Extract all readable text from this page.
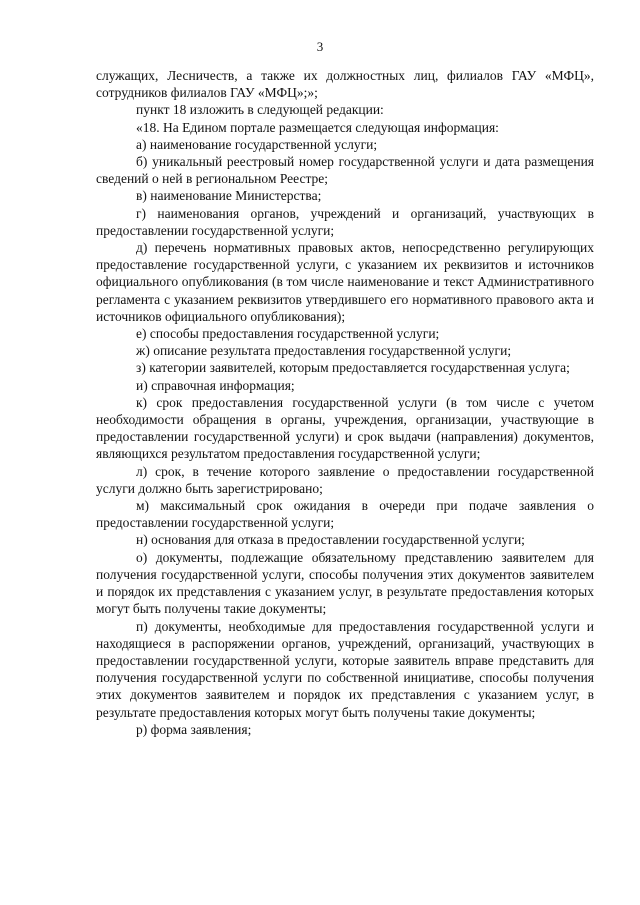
3

служащих, Лесничеств, а также их должностных лиц, филиалов ГАУ «МФЦ», сотрудников филиалов ГАУ «МФЦ»;»;

пункт 18 изложить в следующей редакции:

«18. На Едином портале размещается следующая информация:

а) наименование государственной услуги;

б) уникальный реестровый номер государственной услуги и дата размещения сведений о ней в региональном Реестре;

в) наименование Министерства;

г) наименования органов, учреждений и организаций, участвующих в предоставлении государственной услуги;

д) перечень нормативных правовых актов, непосредственно регулирующих предоставление государственной услуги, с указанием их реквизитов и источников официального опубликования (в том числе наименование и текст Административного регламента с указанием реквизитов утвердившего его нормативного правового акта и источников официального опубликования);

е) способы предоставления государственной услуги;

ж) описание результата предоставления государственной услуги;

з) категории заявителей, которым предоставляется государственная услуга;

и) справочная информация;

к) срок предоставления государственной услуги (в том числе с учетом необходимости обращения в органы, учреждения, организации, участвующие в предоставлении государственной услуги) и срок выдачи (направления) документов, являющихся результатом предоставления государственной услуги;

л) срок, в течение которого заявление о предоставлении государственной услуги должно быть зарегистрировано;

м) максимальный срок ожидания в очереди при подаче заявления о предоставлении государственной услуги;

н) основания для отказа в предоставлении государственной услуги;

о) документы, подлежащие обязательному представлению заявителем для получения государственной услуги, способы получения этих документов заявителем и порядок их представления с указанием услуг, в результате предоставления которых могут быть получены такие документы;

п) документы, необходимые для предоставления государственной услуги и находящиеся в распоряжении органов, учреждений, организаций, участвующих в предоставлении государственной услуги, которые заявитель вправе представить для получения государственной услуги по собственной инициативе, способы получения этих документов заявителем и порядок их представления с указанием услуг, в результате предоставления которых могут быть получены такие документы;

р) форма заявления;
